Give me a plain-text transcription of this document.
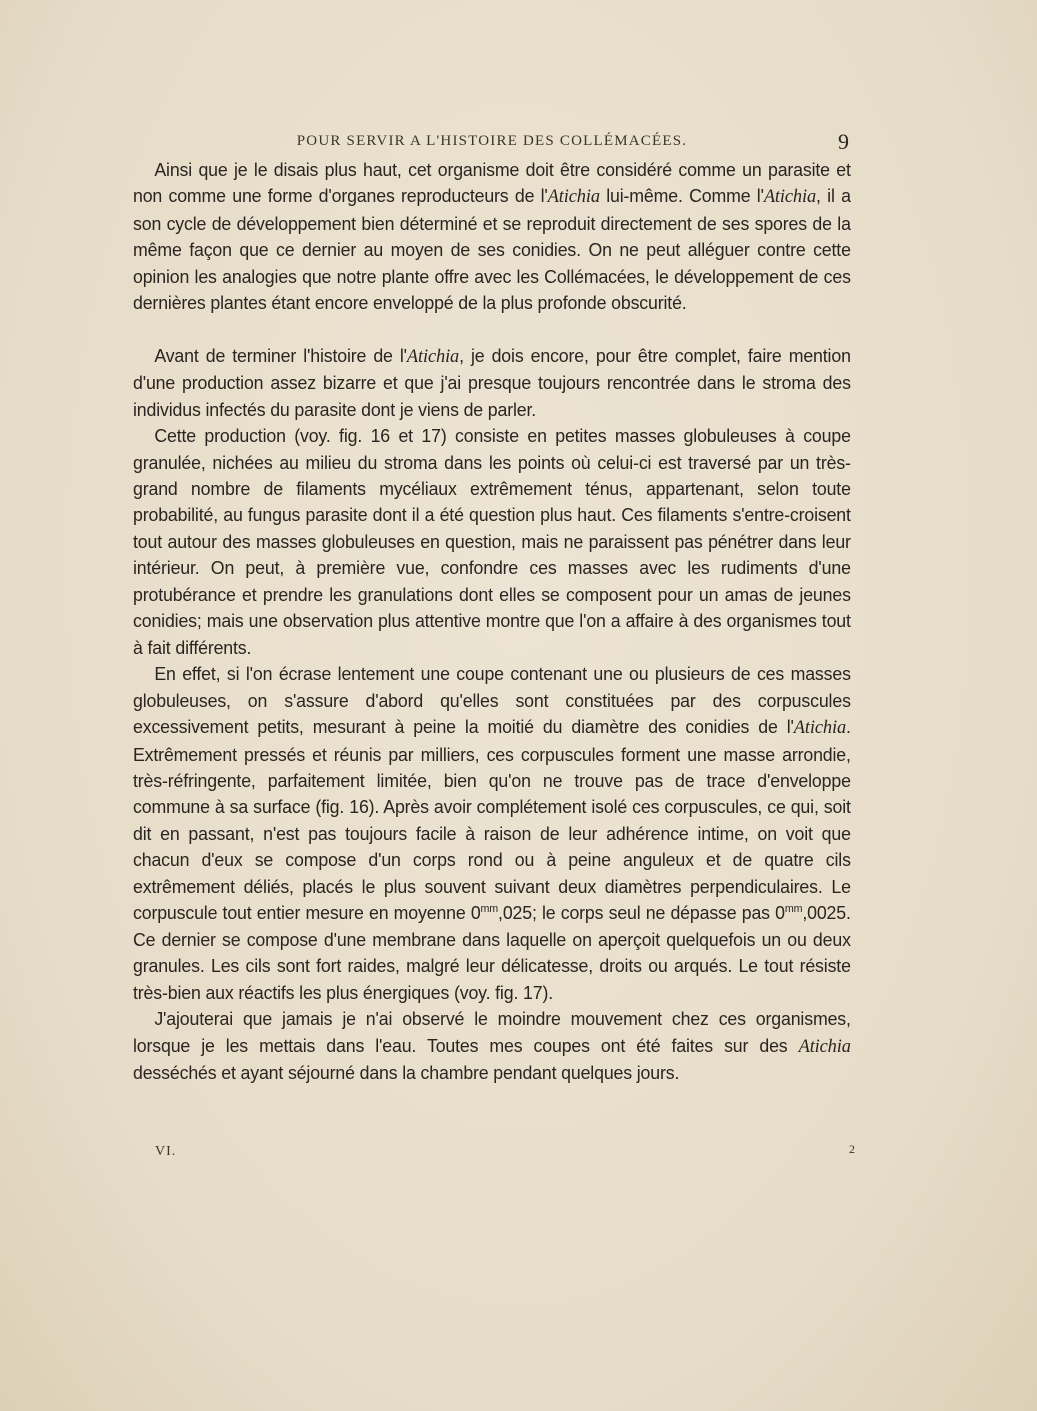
POUR SERVIR A L'HISTOIRE DES COLLÉMACÉES.	9

Ainsi que je le disais plus haut, cet organisme doit être considéré comme un parasite et non comme une forme d'organes reproducteurs de l'Atichia lui-même. Comme l'Atichia, il a son cycle de développement bien déterminé et se reproduit directement de ses spores de la même façon que ce dernier au moyen de ses conidies. On ne peut alléguer contre cette opinion les analogies que notre plante offre avec les Collémacées, le développement de ces dernières plantes étant encore enveloppé de la plus profonde obscurité.

Avant de terminer l'histoire de l'Atichia, je dois encore, pour être complet, faire mention d'une production assez bizarre et que j'ai presque toujours rencontrée dans le stroma des individus infectés du parasite dont je viens de parler.

Cette production (voy. fig. 16 et 17) consiste en petites masses globuleuses à coupe granulée, nichées au milieu du stroma dans les points où celui-ci est traversé par un très-grand nombre de filaments mycéliaux extrêmement ténus, appartenant, selon toute probabilité, au fungus parasite dont il a été question plus haut. Ces filaments s'entre-croisent tout autour des masses globuleuses en question, mais ne paraissent pas pénétrer dans leur intérieur. On peut, à première vue, confondre ces masses avec les rudiments d'une protubérance et prendre les granulations dont elles se composent pour un amas de jeunes conidies; mais une observation plus attentive montre que l'on a affaire à des organismes tout à fait différents.

En effet, si l'on écrase lentement une coupe contenant une ou plusieurs de ces masses globuleuses, on s'assure d'abord qu'elles sont constituées par des corpuscules excessivement petits, mesurant à peine la moitié du diamètre des conidies de l'Atichia. Extrêmement pressés et réunis par milliers, ces corpuscules forment une masse arrondie, très-réfringente, parfaitement limitée, bien qu'on ne trouve pas de trace d'enveloppe commune à sa surface (fig. 16). Après avoir complétement isolé ces corpuscules, ce qui, soit dit en passant, n'est pas toujours facile à raison de leur adhérence intime, on voit que chacun d'eux se compose d'un corps rond ou à peine anguleux et de quatre cils extrêmement déliés, placés le plus souvent suivant deux diamètres perpendiculaires. Le corpuscule tout entier mesure en moyenne $0^{mm},025$; le corps seul ne dépasse pas $0^{mm},0025$. Ce dernier se compose d'une membrane dans laquelle on aperçoit quelquefois un ou deux granules. Les cils sont fort raides, malgré leur délicatesse, droits ou arqués. Le tout résiste très-bien aux réactifs les plus énergiques (voy. fig. 17).

J'ajouterai que jamais je n'ai observé le moindre mouvement chez ces organismes, lorsque je les mettais dans l'eau. Toutes mes coupes ont été faites sur des Atichia desséchés et ayant séjourné dans la chambre pendant quelques jours.

VI.	2
